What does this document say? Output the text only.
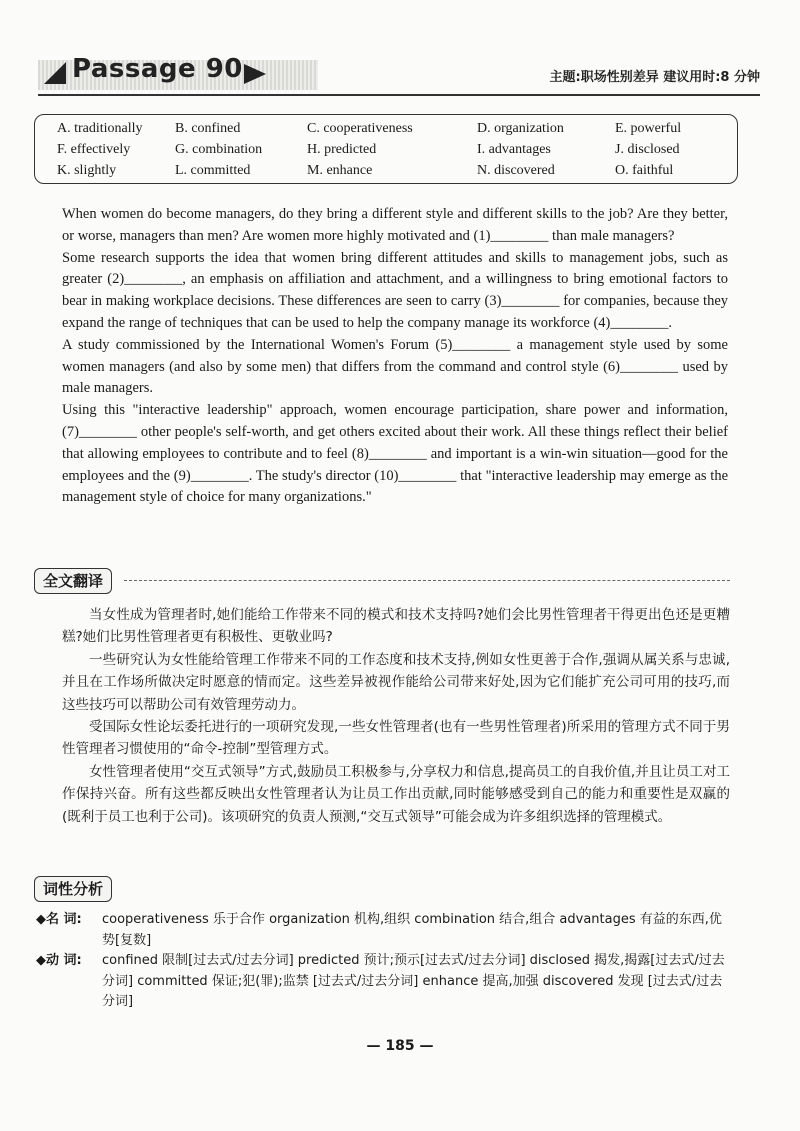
Passage 90	主题:职场性别差异 建议用时:8 分钟
A. traditionally B. confined	C. cooperativeness	D. organization	E. powerful
F. effectively	G. combination	H. predicted	I. advantages	J. disclosed
K. slightly	L. committed	M. enhance	N. discovered	O. faithful

When women do become managers, do they bring a different style and different skills to the job? Are they better, or worse, managers than men? Are women more highly motivated and (1)________ than male managers?

Some research supports the idea that women bring different attitudes and skills to management jobs, such as greater (2)________, an emphasis on affiliation and attachment, and a willingness to bring emotional factors to bear in making workplace decisions. These differences are seen to carry (3)________ for companies, because they expand the range of techniques that can be used to help the company manage its workforce (4)________.

A study commissioned by the International Women's Forum (5)________ a management style used by some women managers (and also by some men) that differs from the command and control style (6)________ used by male managers.

Using this "interactive leadership" approach, women encourage participation, share power and information, (7)________ other people's self-worth, and get others excited about their work. All these things reflect their belief that allowing employees to contribute and to feel (8)________ and important is a win-win situation—good for the employees and the (9)________. The study's director (10)________ that "interactive leadership may emerge as the management style of choice for many organizations."

全文翻译

当女性成为管理者时,她们能给工作带来不同的模式和技术支持吗?她们会比男性管理者干得更出色还是更糟糕?她们比男性管理者更有积极性、更敬业吗?

一些研究认为女性能给管理工作带来不同的工作态度和技术支持,例如女性更善于合作,强调从属关系与忠诚,并且在工作场所做决定时愿意的情而定。这些差异被视作能给公司带来好处,因为它们能扩充公司可用的技巧,而这些技巧可以帮助公司有效管理劳动力。

受国际女性论坛委托进行的一项研究发现,一些女性管理者(也有一些男性管理者)所采用的管理方式不同于男性管理者习惯使用的“命令-控制”型管理方式。

女性管理者使用“交互式领导”方式,鼓励员工积极参与,分享权力和信息,提高员工的自我价值,并且让员工对工作保持兴奋。所有这些都反映出女性管理者认为让员工作出贡献,同时能够感受到自己的能力和重要性是双赢的(既利于员工也利于公司)。该项研究的负责人预测,“交互式领导”可能会成为许多组织选择的管理模式。

词性分析
◆名 词: cooperativeness 乐于合作 organization 机构,组织 combination 结合,组合 advantages 有益的东西,优势[复数]
◆动 词: confined 限制[过去式/过去分词] predicted 预计;预示[过去式/过去分词] disclosed 揭发,揭露[过去式/过去分词] committed 保证;犯(罪);监禁 [过去式/过去分词] enhance 提高,加强 discovered 发现 [过去式/过去分词]
— 185 —
